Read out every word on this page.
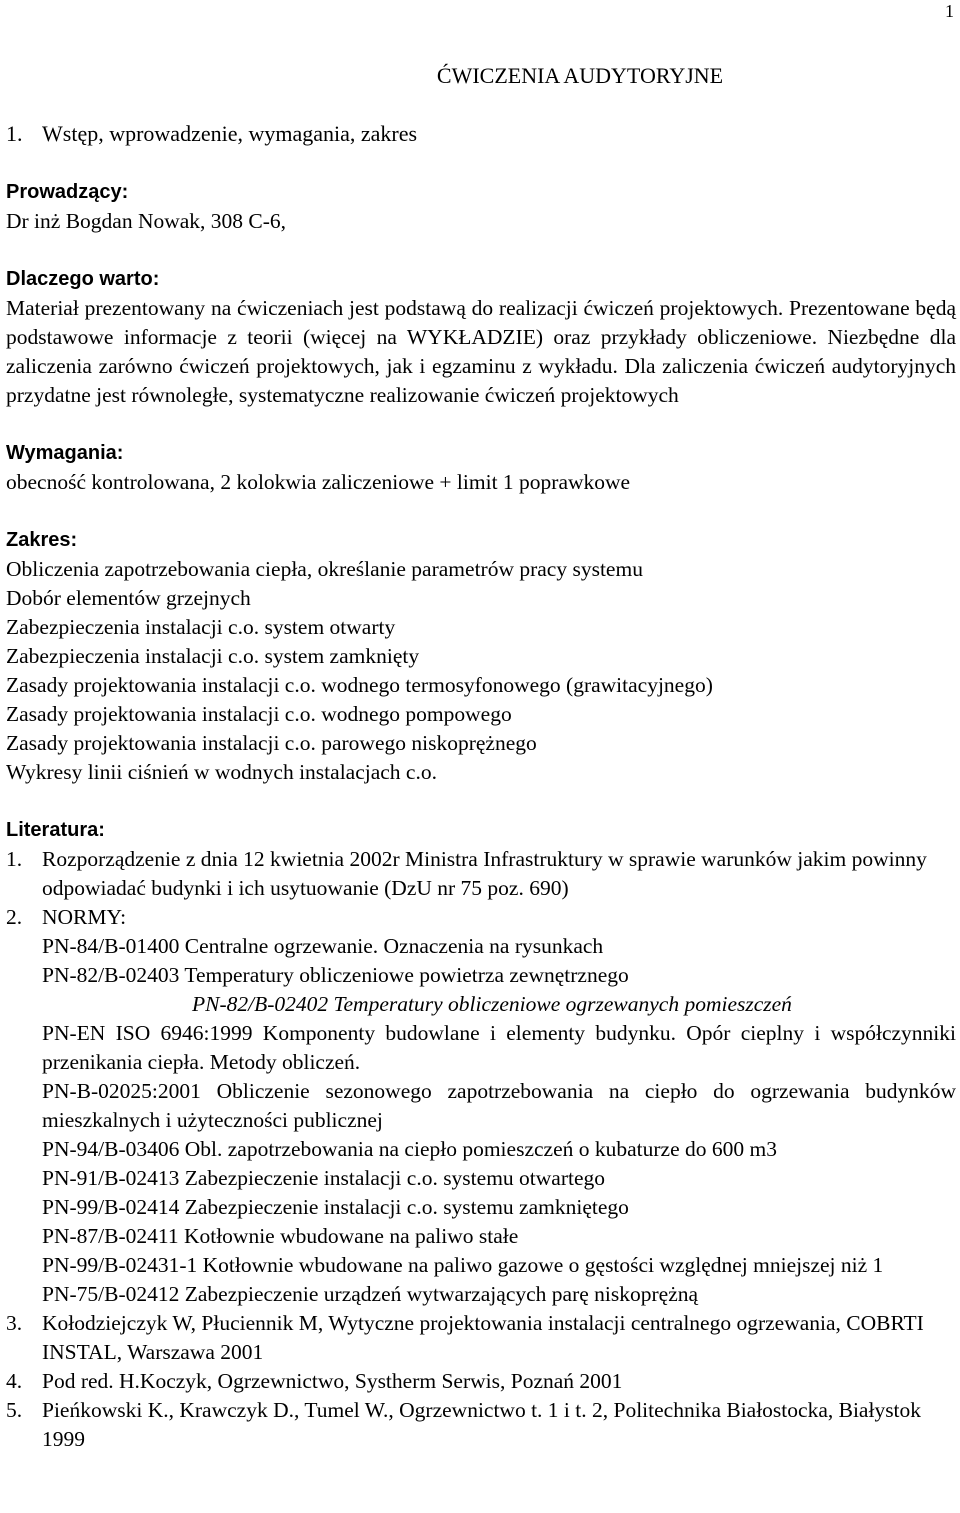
1
ĆWICZENIA AUDYTORYJNE
1. Wstęp, wprowadzenie, wymagania, zakres
Prowadzący:
Dr inż Bogdan Nowak, 308 C-6,
Dlaczego warto:
Materiał prezentowany na ćwiczeniach jest podstawą do realizacji ćwiczeń projektowych. Prezentowane będą podstawowe informacje z teorii (więcej na WYKŁADZIE) oraz przykłady obliczeniowe. Niezbędne dla zaliczenia zarówno ćwiczeń projektowych, jak i egzaminu z wykładu. Dla zaliczenia ćwiczeń audytoryjnych przydatne jest równoległe, systematyczne realizowanie ćwiczeń projektowych
Wymagania:
obecność kontrolowana, 2 kolokwia zaliczeniowe + limit 1 poprawkowe
Zakres:
Obliczenia zapotrzebowania ciepła, określanie parametrów pracy systemu
Dobór elementów grzejnych
Zabezpieczenia instalacji c.o. system otwarty
Zabezpieczenia instalacji c.o. system zamknięty
Zasady projektowania instalacji c.o. wodnego termosyfonowego (grawitacyjnego)
Zasady projektowania instalacji c.o. wodnego pompowego
Zasady projektowania instalacji c.o. parowego niskoprężnego
Wykresy linii ciśnień w wodnych instalacjach c.o.
Literatura:
1. Rozporządzenie z dnia 12 kwietnia 2002r Ministra Infrastruktury w sprawie warunków jakim powinny odpowiadać budynki i ich usytuowanie (DzU nr 75 poz. 690)
2. NORMY:
PN-84/B-01400 Centralne ogrzewanie. Oznaczenia na rysunkach
PN-82/B-02403 Temperatury obliczeniowe powietrza zewnętrznego
PN-82/B-02402 Temperatury obliczeniowe ogrzewanych pomieszczeń
PN-EN ISO 6946:1999 Komponenty budowlane i elementy budynku. Opór cieplny i współczynniki przenikania ciepła. Metody obliczeń.
PN-B-02025:2001 Obliczenie sezonowego zapotrzebowania na ciepło do ogrzewania budynków mieszkalnych i użyteczności publicznej
PN-94/B-03406 Obl. zapotrzebowania na ciepło pomieszczeń o kubaturze do 600 m3
PN-91/B-02413 Zabezpieczenie instalacji c.o. systemu otwartego
PN-99/B-02414 Zabezpieczenie instalacji c.o. systemu zamkniętego
PN-87/B-02411 Kotłownie wbudowane na paliwo stałe
PN-99/B-02431-1 Kotłownie wbudowane na paliwo gazowe o gęstości względnej mniejszej niż 1
PN-75/B-02412 Zabezpieczenie urządzeń wytwarzających parę niskoprężną
3. Kołodziejczyk W, Płuciennik M, Wytyczne projektowania instalacji centralnego ogrzewania, COBRTI INSTAL, Warszawa 2001
4. Pod red. H.Koczyk, Ogrzewnictwo, Systherm Serwis, Poznań 2001
5. Pieńkowski K., Krawczyk D., Tumel W., Ogrzewnictwo t. 1 i t. 2, Politechnika Białostocka, Białystok 1999
